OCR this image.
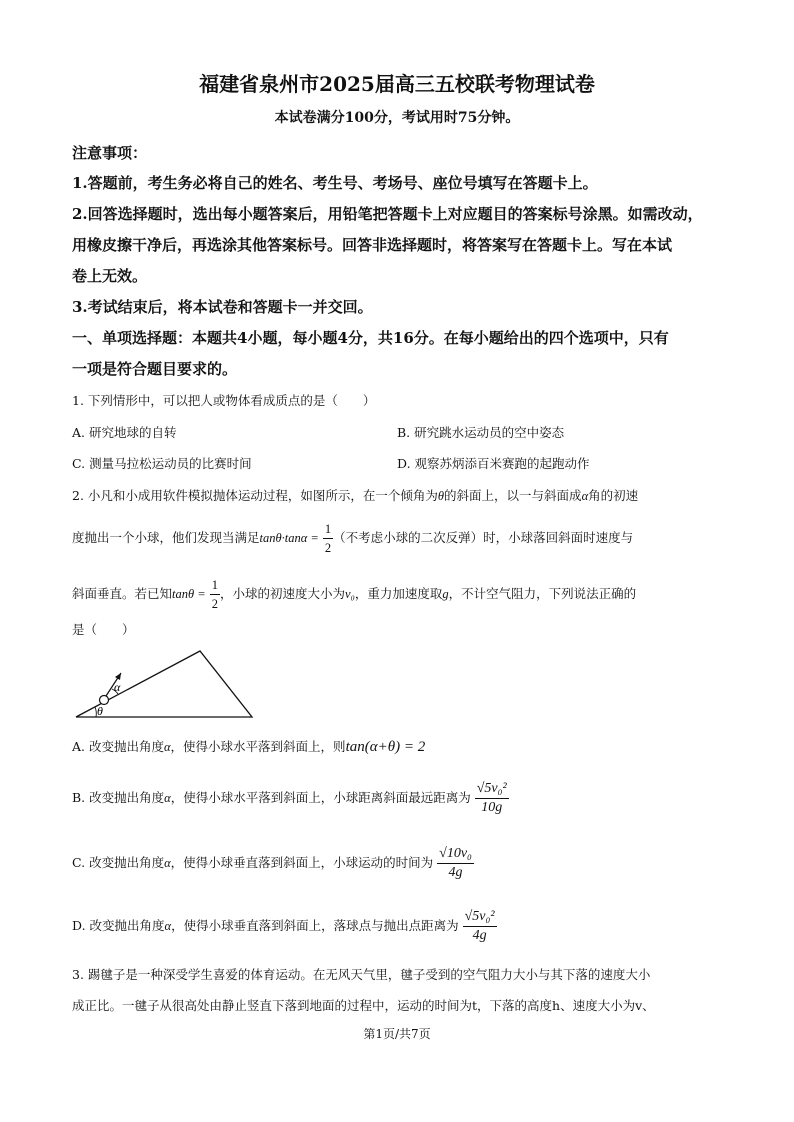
福建省泉州市2025届高三五校联考物理试卷
本试卷满分100分，考试用时75分钟。
注意事项：
1.答题前，考生务必将自己的姓名、考生号、考场号、座位号填写在答题卡上。
2.回答选择题时，选出每小题答案后，用铅笔把答题卡上对应题目的答案标号涂黑。如需改动，
用橡皮擦干净后，再选涂其他答案标号。回答非选择题时，将答案写在答题卡上。写在本试
卷上无效。
3.考试结束后，将本试卷和答题卡一并交回。
一、单项选择题：本题共4小题，每小题4分，共16分。在每小题给出的四个选项中，只有
一项是符合题目要求的。
1. 下列情形中，可以把人或物体看成质点的是（　　）
A. 研究地球的自转	B. 研究跳水运动员的空中姿态
C. 测量马拉松运动员的比赛时间	D. 观察苏炳添百米赛跑的起跑动作
2. 小凡和小成用软件模拟抛体运动过程，如图所示，在一个倾角为θ的斜面上，以一与斜面成α角的初速
度抛出一个小球，他们发现当满足$\tan\theta\cdot\tan\alpha = \frac{1}{2}$ （不考虑小球的二次反弹）时，小球落回斜面时速度与
斜面垂直。若已知$\tan\theta = \frac{1}{2}$ ，小球的初速度大小为v₀，重力加速度取g，不计空气阻力，下列说法正确的
是（　　）
α
θ
A. 改变抛出角度α，使得小球水平落到斜面上，则tan(α+θ) = 2
B. 改变抛出角度α，使得小球水平落到斜面上，小球距离斜面最远距离为 $\frac{\text{√5v₀²}}{10g}$
C. 改变抛出角度α，使得小球垂直落到斜面上，小球运动的时间为 $\frac{\text{√10v₀}}{4g}$
D. 改变抛出角度α，使得小球垂直落到斜面上，落球点与抛出点距离为 $\frac{\text{√5v₀²}}{4g}$
3. 踢毽子是一种深受学生喜爱的体育运动。在无风天气里，毽子受到的空气阻力大小与其下落的速度大小
成正比。一毽子从很高处由静止竖直下落到地面的过程中，运动的时间为t，下落的高度h、速度大小为v、
第1页/共7页
